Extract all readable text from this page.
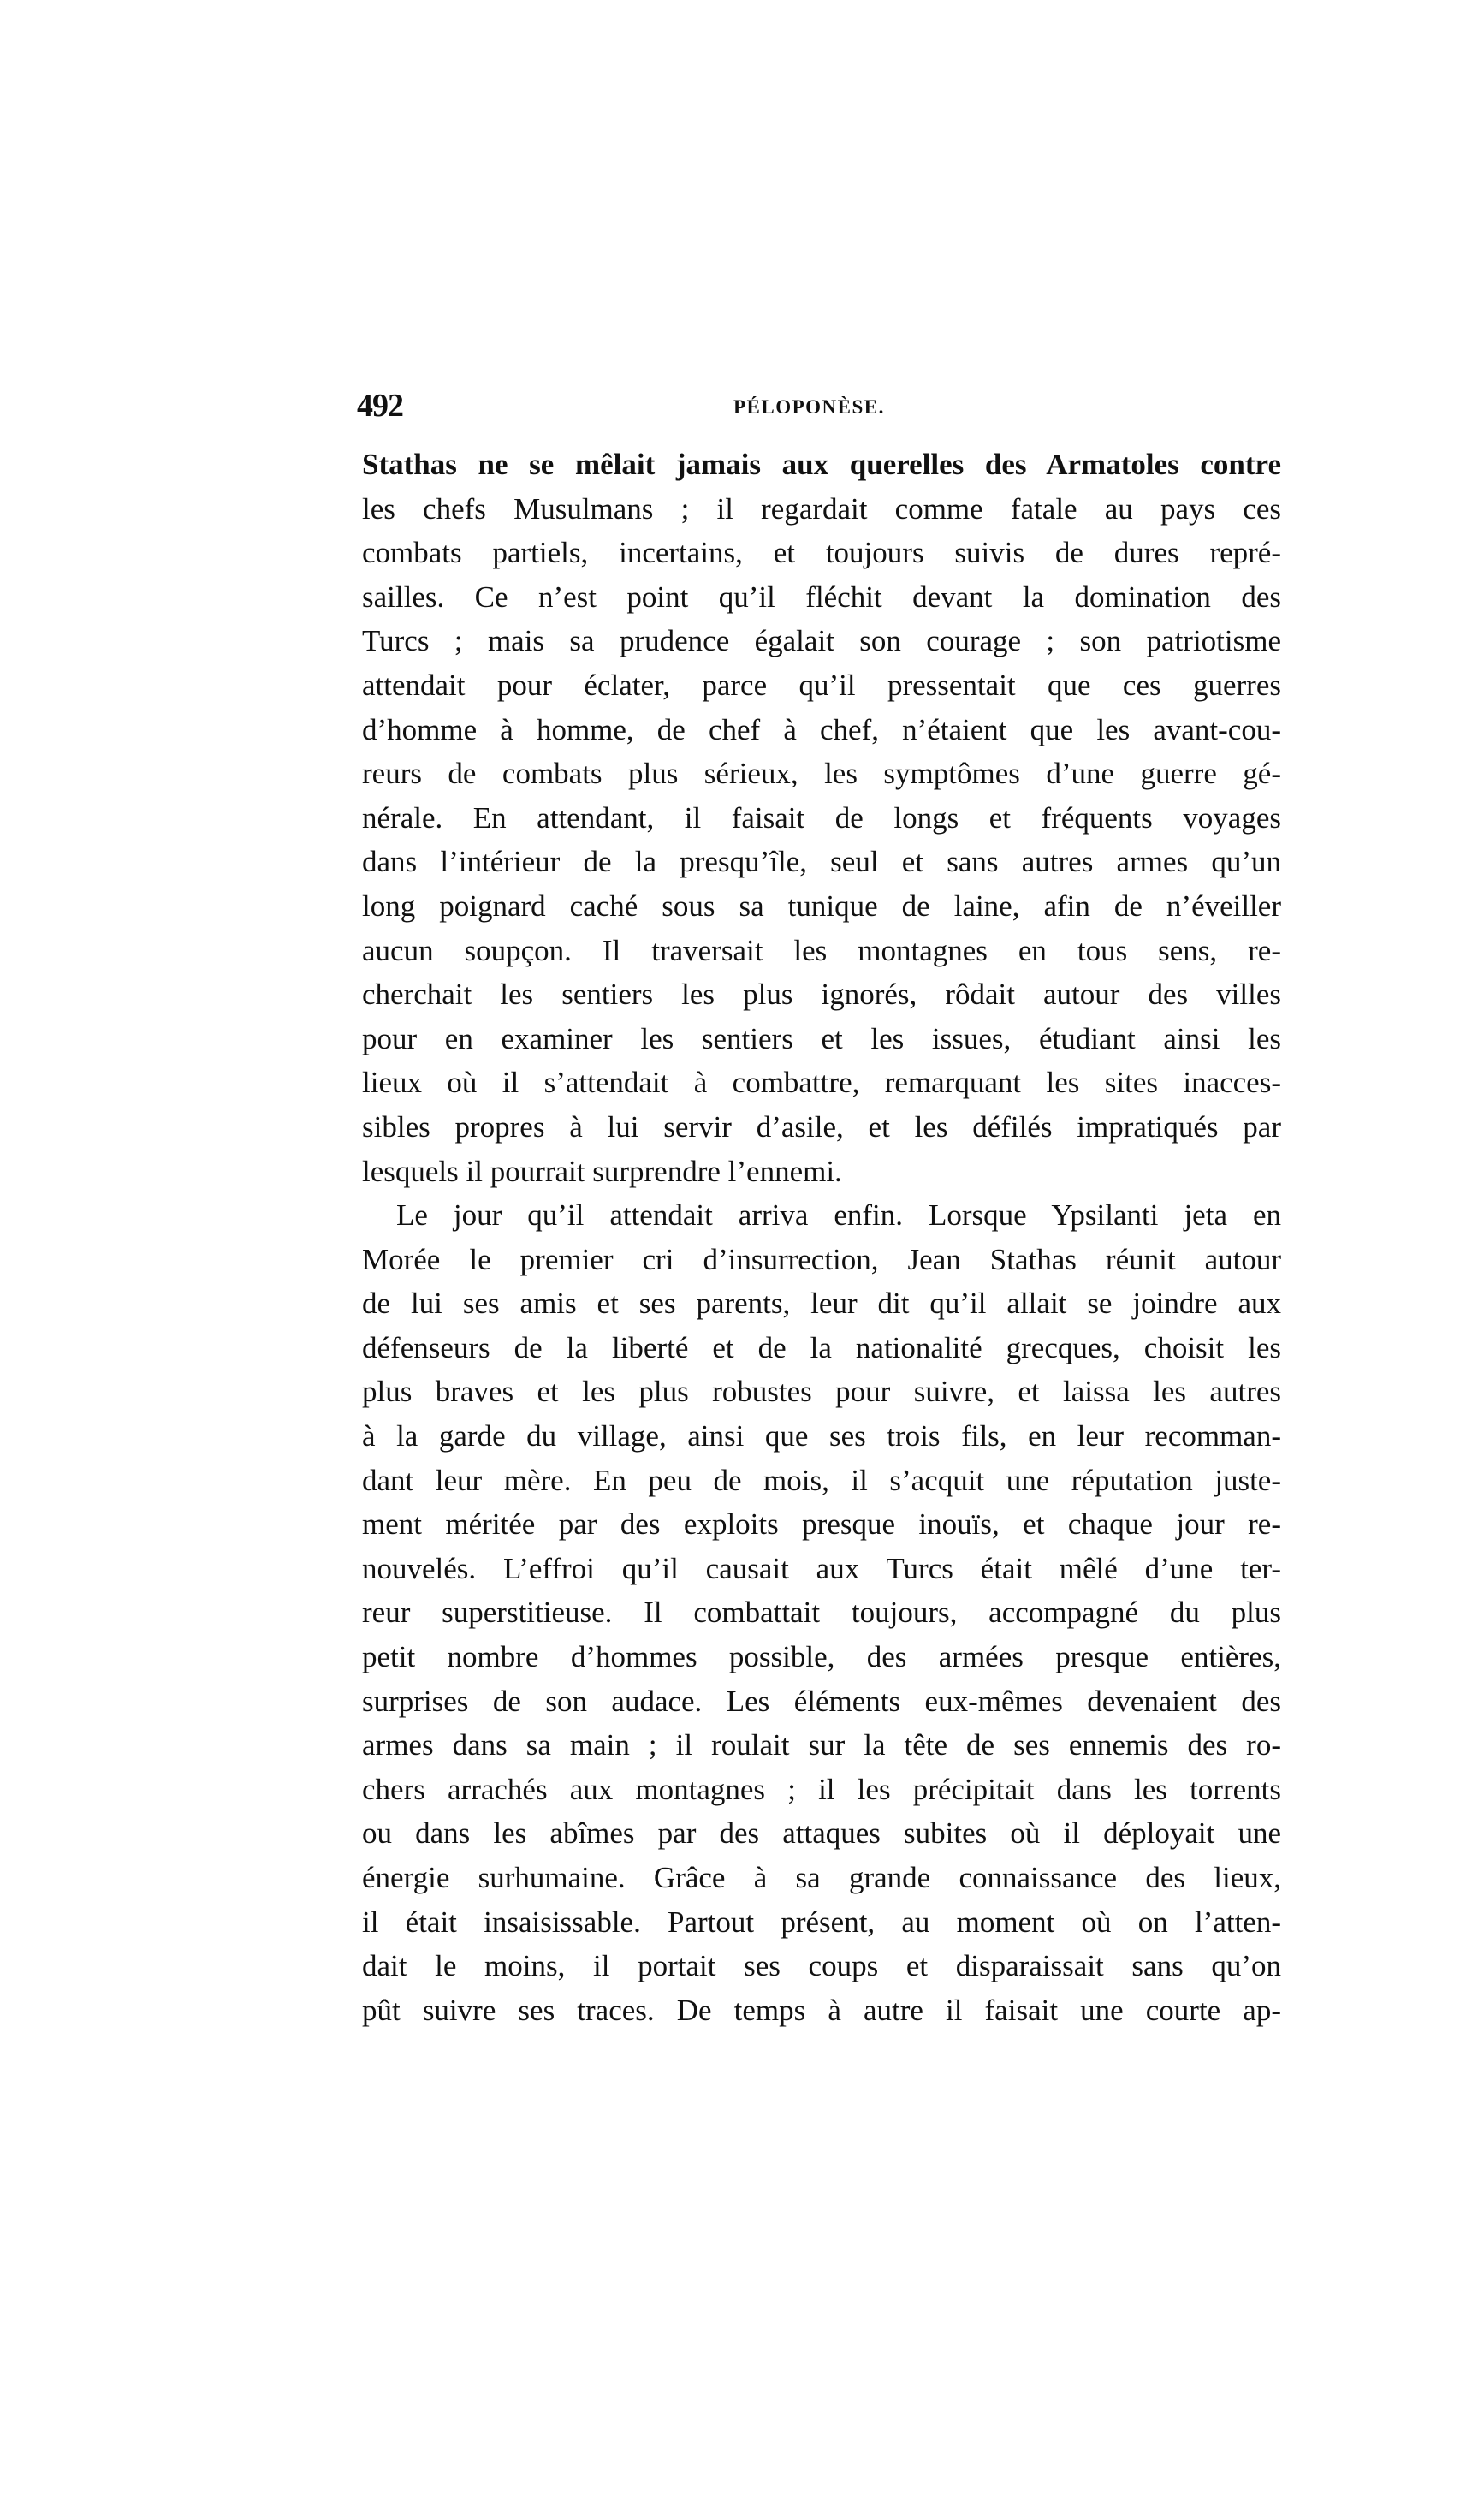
492	PÉLOPONÈSE.
Stathas ne se mêlait jamais aux querelles des Armatoles contre
les chefs Musulmans ; il regardait comme fatale au pays ces
combats partiels, incertains, et toujours suivis de dures repré-
sailles. Ce n’est point qu’il fléchit devant la domination des
Turcs ; mais sa prudence égalait son courage ; son patriotisme
attendait pour éclater, parce qu’il pressentait que ces guerres
d’homme à homme, de chef à chef, n’étaient que les avant-cou-
reurs de combats plus sérieux, les symptômes d’une guerre gé-
nérale. En attendant, il faisait de longs et fréquents voyages
dans l’intérieur de la presqu’île, seul et sans autres armes qu’un
long poignard caché sous sa tunique de laine, afin de n’éveiller
aucun soupçon. Il traversait les montagnes en tous sens, re-
cherchait les sentiers les plus ignorés, rôdait autour des villes
pour en examiner les sentiers et les issues, étudiant ainsi les
lieux où il s’attendait à combattre, remarquant les sites inacces-
sibles propres à lui servir d’asile, et les défilés impratiqués par
lesquels il pourrait surprendre l’ennemi.
Le jour qu’il attendait arriva enfin. Lorsque Ypsilanti jeta en
Morée le premier cri d’insurrection, Jean Stathas réunit autour
de lui ses amis et ses parents, leur dit qu’il allait se joindre aux
défenseurs de la liberté et de la nationalité grecques, choisit les
plus braves et les plus robustes pour suivre, et laissa les autres
à la garde du village, ainsi que ses trois fils, en leur recomman-
dant leur mère. En peu de mois, il s’acquit une réputation juste-
ment méritée par des exploits presque inouïs, et chaque jour re-
nouvelés. L’effroi qu’il causait aux Turcs était mêlé d’une ter-
reur superstitieuse. Il combattait toujours, accompagné du plus
petit nombre d’hommes possible, des armées presque entières,
surprises de son audace. Les éléments eux-mêmes devenaient des
armes dans sa main ; il roulait sur la tête de ses ennemis des ro-
chers arrachés aux montagnes ; il les précipitait dans les torrents
ou dans les abîmes par des attaques subites où il déployait une
énergie surhumaine. Grâce à sa grande connaissance des lieux,
il était insaisissable. Partout présent, au moment où on l’atten-
dait le moins, il portait ses coups et disparaissait sans qu’on
pût suivre ses traces. De temps à autre il faisait une courte ap-
